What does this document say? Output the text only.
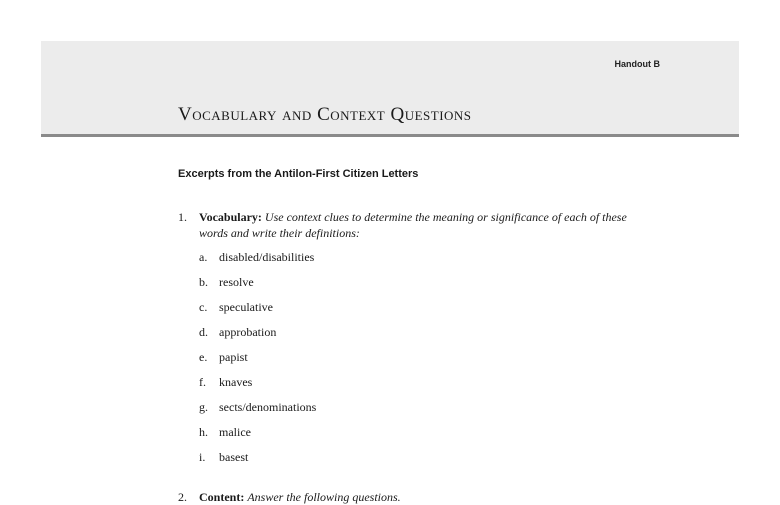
Handout B
Vocabulary and Context Questions
Excerpts from the Antilon-First Citizen Letters
1. Vocabulary: Use context clues to determine the meaning or significance of each of these words and write their definitions:
a. disabled/disabilities
b. resolve
c. speculative
d. approbation
e. papist
f. knaves
g. sects/denominations
h. malice
i. basest
2. Content: Answer the following questions.
